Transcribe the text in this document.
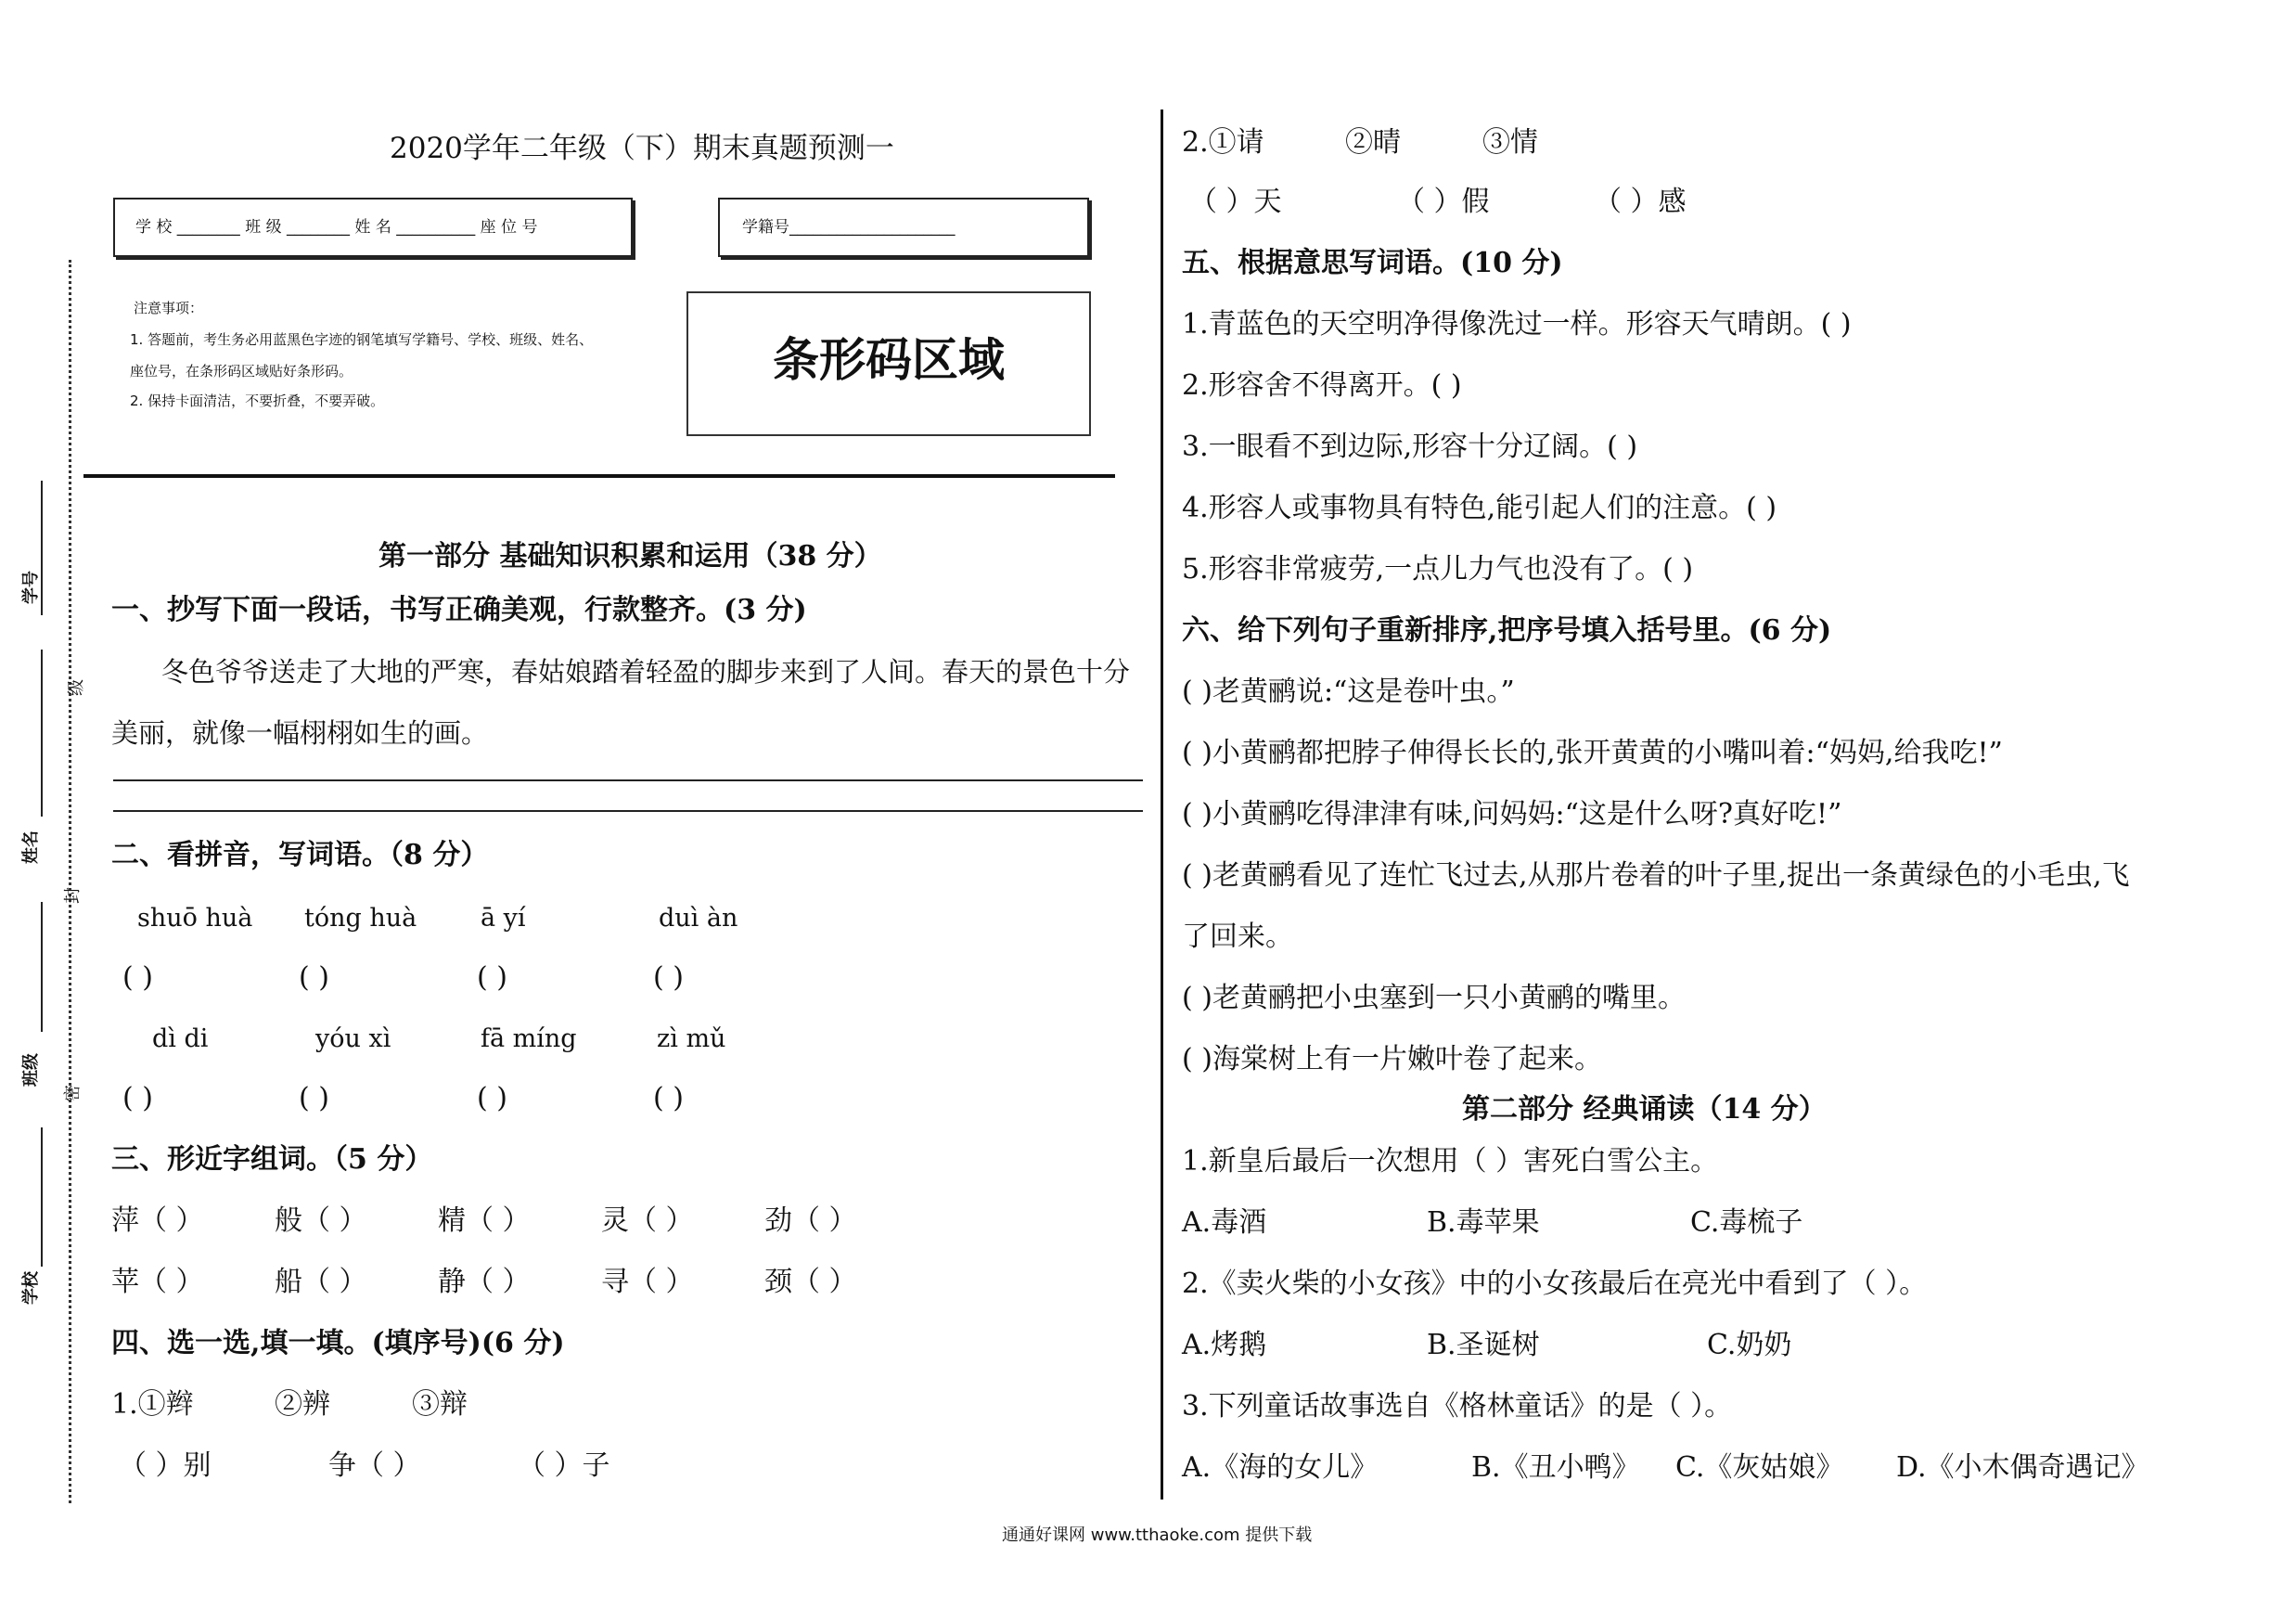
学号
级
姓名
封
班级
密
学校
2020学年二年级（下）期末真题预测一
学 校 ________ 班 级 ________ 姓 名 __________ 座 位 号	学籍号_____________________
注意事项：
1. 答题前，考生务必用蓝黑色字迹的钢笔填写学籍号、学校、班级、姓名、
座位号，在条形码区域贴好条形码。
2. 保持卡面清洁，不要折叠，不要弄破。
条形码区域
第一部分 基础知识积累和运用（38 分）
一、抄写下面一段话，书写正确美观，行款整齐。(3 分)
冬色爷爷送走了大地的严寒，春姑娘踏着轻盈的脚步来到了人间。春天的景色十分
美丽，就像一幅栩栩如生的画。
二、看拼音，写词语。（8 分）
shuō huà tóng huà	ā yí	duì àn
( )	( )	( )	( )
dì di	yóu xì	fā míng	zì mǔ
( )	( )	( )	( )
三、形近字组词。（5 分）
萍（ ）	般（ ）	精（ ）	灵（ ）	劲（ ）
苹（ ）	船（ ）	静（ ）	寻（ ）	颈（ ）
四、选一选,填一填。(填序号)(6 分)
1.①辫	②辨	③辩
（ ）别	争（ ）	（ ）子
2.①请	②晴	③情
（ ）天	（ ）假	（ ）感
五、根据意思写词语。(10 分)
1.青蓝色的天空明净得像洗过一样。形容天气晴朗。( )
2.形容舍不得离开。( )
3.一眼看不到边际,形容十分辽阔。( )
4.形容人或事物具有特色,能引起人们的注意。( )
5.形容非常疲劳,一点儿力气也没有了。( )
六、给下列句子重新排序,把序号填入括号里。(6 分)
( )老黄鹂说:“这是卷叶虫。”
( )小黄鹂都把脖子伸得长长的,张开黄黄的小嘴叫着:“妈妈,给我吃!”
( )小黄鹂吃得津津有味,问妈妈:“这是什么呀?真好吃!”
( )老黄鹂看见了连忙飞过去,从那片卷着的叶子里,捉出一条黄绿色的小毛虫,飞
了回来。
( )老黄鹂把小虫塞到一只小黄鹂的嘴里。
( )海棠树上有一片嫩叶卷了起来。
第二部分 经典诵读（14 分）
1.新皇后最后一次想用（ ）害死白雪公主。
A.毒酒	B.毒苹果	C.毒梳子
2.《卖火柴的小女孩》中的小女孩最后在亮光中看到了（ ）。
A.烤鹅	B.圣诞树	C.奶奶
3.下列童话故事选自《格林童话》的是（ ）。
A.《海的女儿》	B.《丑小鸭》 C.《灰姑娘》 D.《小木偶奇遇记》
通通好课网 www.tthaoke.com 提供下载
